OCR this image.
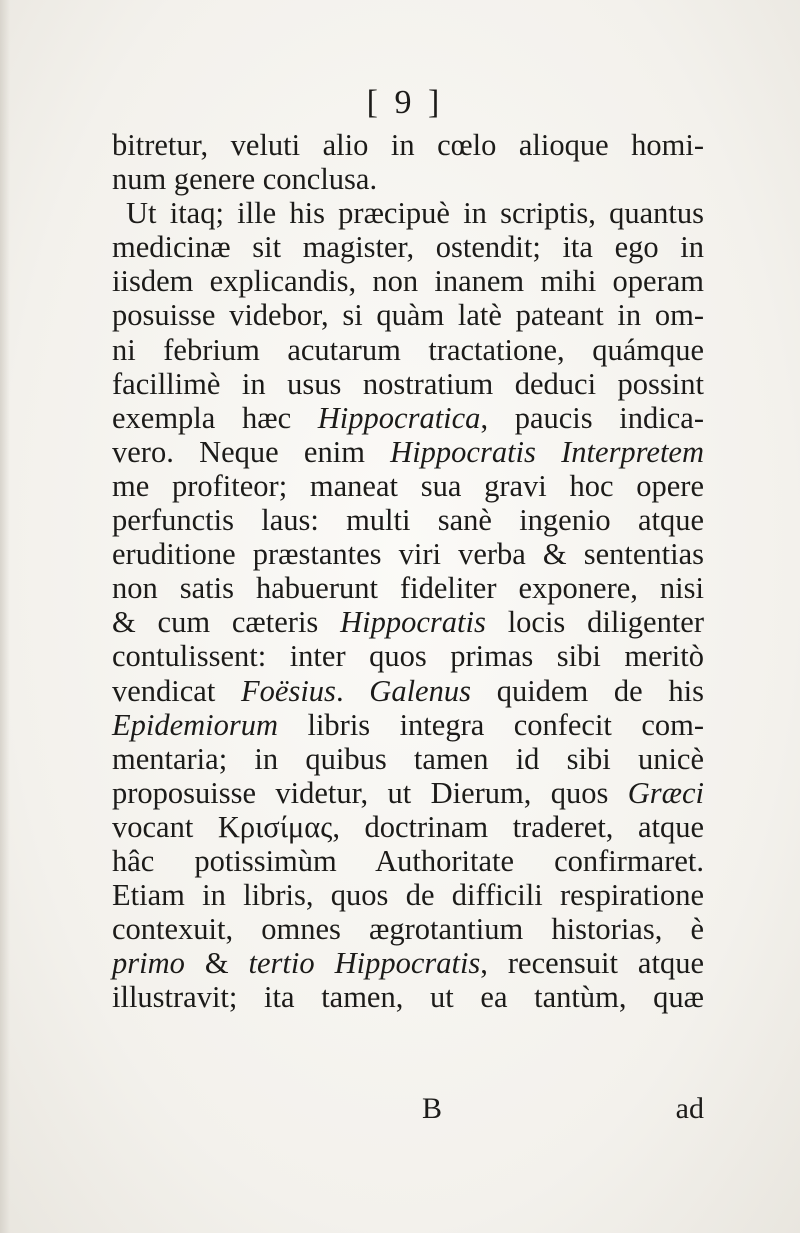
[ 9 ]
bitretur, veluti alio in cœlo alioque homi-
num genere conclusa.
Ut itaq; ille his præcipuè in scriptis, quantus
medicinæ sit magister, ostendit; ita ego in
iisdem explicandis, non inanem mihi operam
posuisse videbor, si quàm latè pateant in om-
ni febrium acutarum tractatione, quámque
facillimè in usus nostratium deduci possint
exempla hæc Hippocratica, paucis indica-
vero. Neque enim Hippocratis Interpretem
me profiteor; maneat sua gravi hoc opere
perfunctis laus: multi sanè ingenio atque
eruditione præstantes viri verba & sententias
non satis habuerunt fideliter exponere, nisi
& cum cæteris Hippocratis locis diligenter
contulissent: inter quos primas sibi meritò
vendicat Foësius. Galenus quidem de his
Epidemiorum libris integra confecit com-
mentaria; in quibus tamen id sibi unicè
proposuisse videtur, ut Dierum, quos Græci
vocant Κρισίμας, doctrinam traderet, atque
hâc potissimùm Authoritate confirmaret.
Etiam in libris, quos de difficili respiratione
contexuit, omnes ægrotantium historias, è
primo & tertio Hippocratis, recensuit atque
illustravit; ita tamen, ut ea tantùm, quæ
B	ad
